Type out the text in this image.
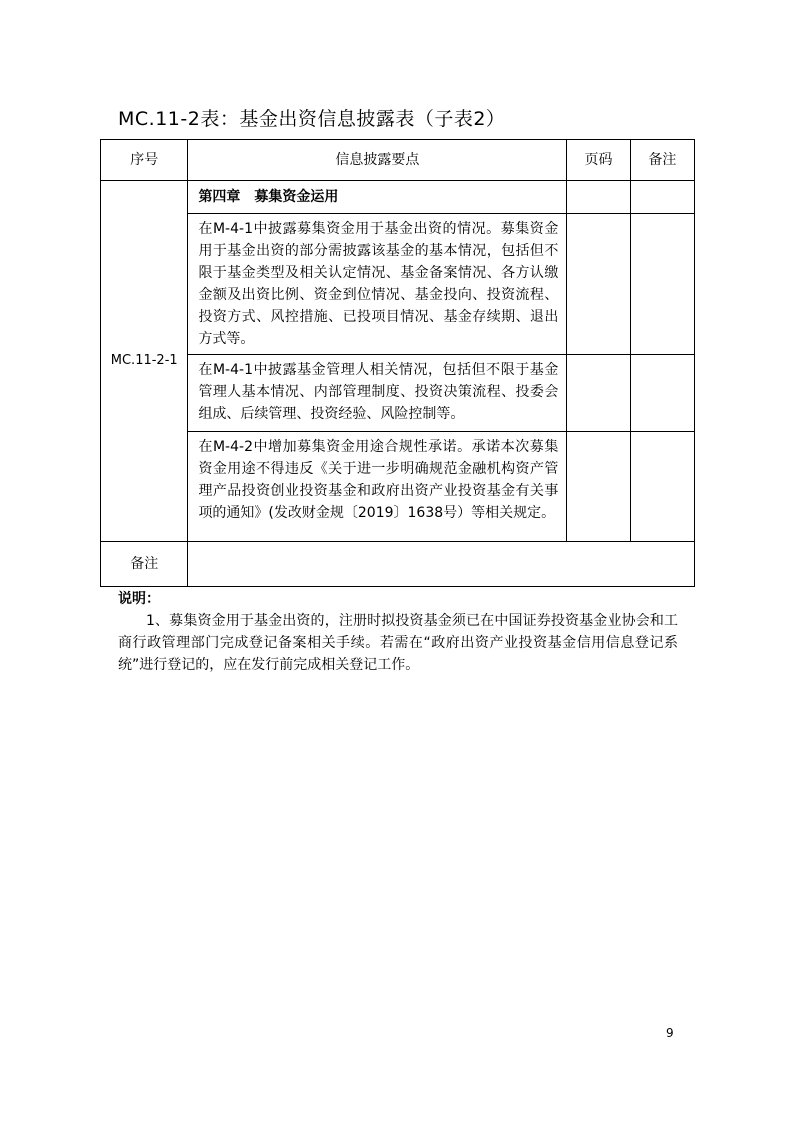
MC.11-2表：基金出资信息披露表（子表2）
序号	信息披露要点	页码	备注
MC.11-2-1	第四章　募集资金运用		
	在M-4-1中披露募集资金用于基金出资的情况。募集资金用于基金出资的部分需披露该基金的基本情况，包括但不限于基金类型及相关认定情况、基金备案情况、各方认缴金额及出资比例、资金到位情况、基金投向、投资流程、投资方式、风控措施、已投项目情况、基金存续期、退出方式等。		
	在M-4-1中披露基金管理人相关情况，包括但不限于基金管理人基本情况、内部管理制度、投资决策流程、投委会组成、后续管理、投资经验、风险控制等。		
	在M-4-2中增加募集资金用途合规性承诺。承诺本次募集资金用途不得违反《关于进一步明确规范金融机构资产管理产品投资创业投资基金和政府出资产业投资基金有关事项的通知》(发改财金规〔2019〕1638号）等相关规定。		
备注			
说明：
1、募集资金用于基金出资的，注册时拟投资基金须已在中国证券投资基金业协会和工商行政管理部门完成登记备案相关手续。若需在“政府出资产业投资基金信用信息登记系统”进行登记的，应在发行前完成相关登记工作。
9
